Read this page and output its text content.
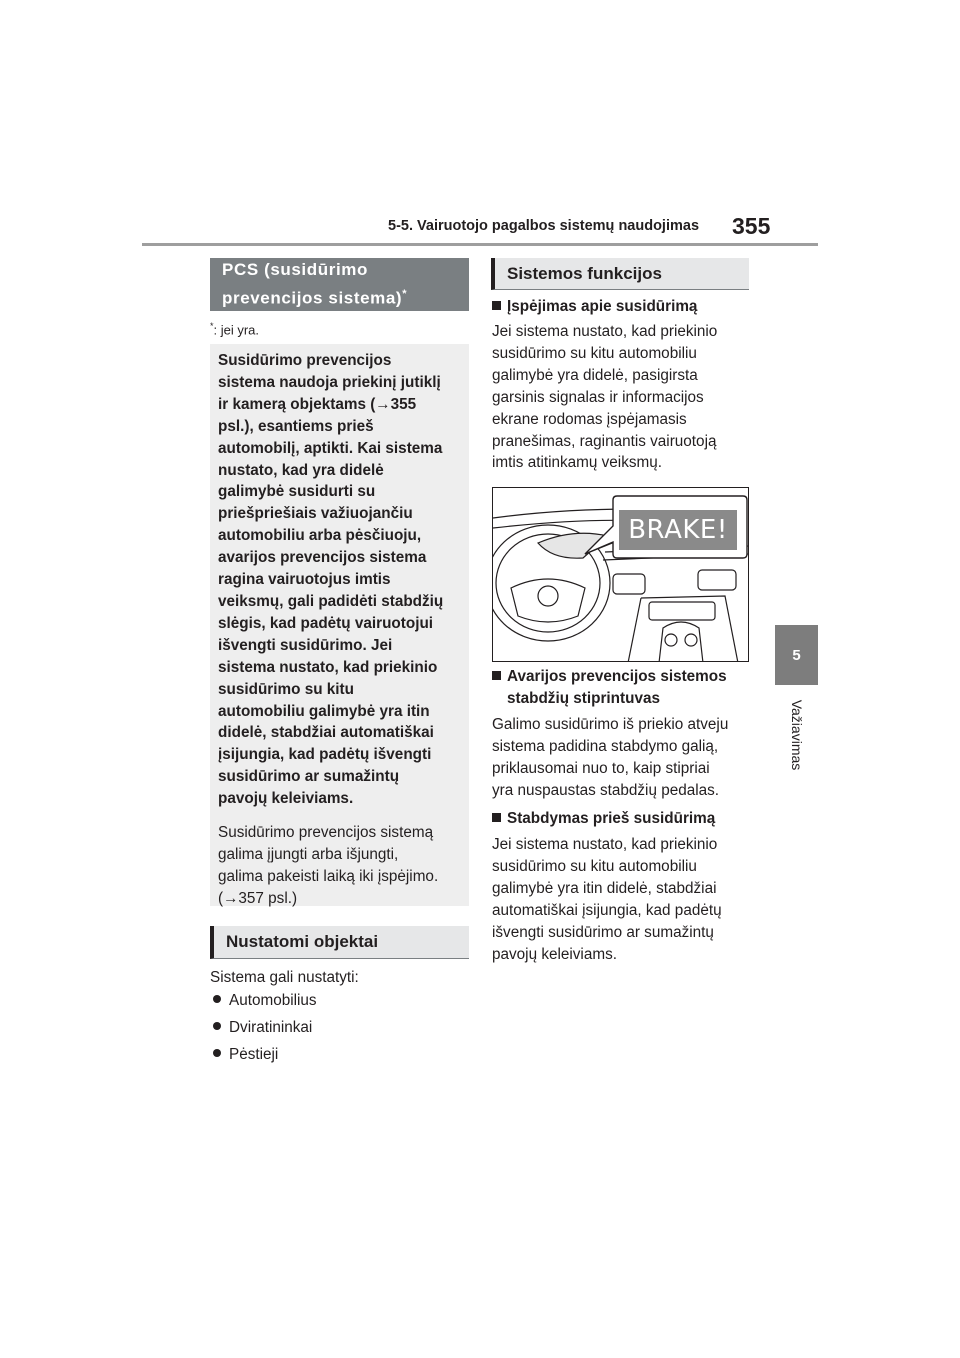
5-5. Vairuotojo pagalbos sistemų naudojimas 355
5
Važiavimas
PCS (susidūrimo
prevencijos sistema)*
*: jei yra.

Susidūrimo prevencijos
sistema naudoja priekinį jutiklį
ir kamerą objektams (→355
psl.), esantiems prieš
automobilį, aptikti. Kai sistema
nustato, kad yra didelė
galimybė susidurti su
priešpriešiais važiuojančiu
automobiliu arba pėsčiuoju,
avarijos prevencijos sistema
ragina vairuotojus imtis
veiksmų, gali padidėti stabdžių
slėgis, kad padėtų vairuotojui
išvengti susidūrimo. Jei
sistema nustato, kad priekinio
susidūrimo su kitu
automobiliu galimybė yra itin
didelė, stabdžiai automatiškai
įsijungia, kad padėtų išvengti
susidūrimo ar sumažintų
pavojų keleiviams.

Susidūrimo prevencijos sistemą
galima įjungti arba išjungti,
galima pakeisti laiką iki įspėjimo.
(→357 psl.)

Nustatomi objektai

Sistema gali nustatyti:

Automobilius
Dviratininkai
Pėstieji
Sistemos funkcijos
Įspėjimas apie susidūrimą

Jei sistema nustato, kad priekinio
susidūrimo su kitu automobiliu
galimybė yra didelė, pasigirsta
garsinis signalas ir informacijos
ekrane rodomas įspėjamasis
pranešimas, raginantis vairuotoją
imtis atitinkamų veiksmų.

BRAKE!
Avarijos prevencijos sistemos
stabdžių stiprintuvas

Galimo susidūrimo iš priekio atveju
sistema padidina stabdymo galią,
priklausomai nuo to, kaip stipriai
yra nuspaustas stabdžių pedalas.

Stabdymas prieš susidūrimą

Jei sistema nustato, kad priekinio
susidūrimo su kitu automobiliu
galimybė yra itin didelė, stabdžiai
automatiškai įsijungia, kad padėtų
išvengti susidūrimo ar sumažintų
pavojų keleiviams.
